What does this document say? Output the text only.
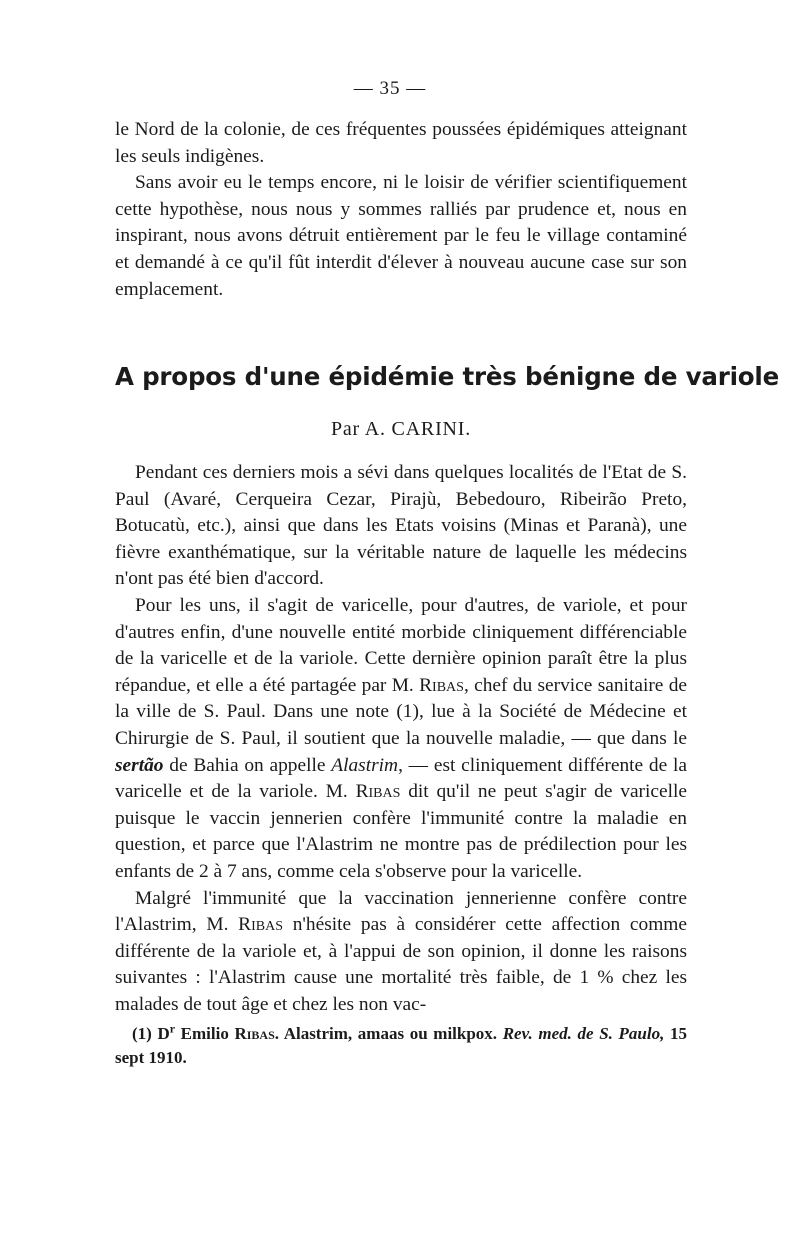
— 35 —

le Nord de la colonie, de ces fréquentes poussées épidémiques atteignant les seuls indigènes.

Sans avoir eu le temps encore, ni le loisir de vérifier scientifiquement cette hypothèse, nous nous y sommes ralliés par prudence et, nous en inspirant, nous avons détruit entièrement par le feu le village contaminé et demandé à ce qu'il fût interdit d'élever à nouveau aucune case sur son emplacement.

A propos d'une épidémie très bénigne de variole
Par A. CARINI.

Pendant ces derniers mois a sévi dans quelques localités de l'Etat de S. Paul (Avaré, Cerqueira Cezar, Pirajù, Bebedouro, Ribeirão Preto, Botucatù, etc.), ainsi que dans les Etats voisins (Minas et Paranà), une fièvre exanthématique, sur la véritable nature de laquelle les médecins n'ont pas été bien d'accord.

Pour les uns, il s'agit de varicelle, pour d'autres, de variole, et pour d'autres enfin, d'une nouvelle entité morbide cliniquement différenciable de la varicelle et de la variole. Cette dernière opinion paraît être la plus répandue, et elle a été partagée par M. Ribas, chef du service sanitaire de la ville de S. Paul. Dans une note (1), lue à la Société de Médecine et Chirurgie de S. Paul, il soutient que la nouvelle maladie, — que dans le sertão de Bahia on appelle Alastrim, — est cliniquement différente de la varicelle et de la variole. M. Ribas dit qu'il ne peut s'agir de varicelle puisque le vaccin jennerien confère l'immunité contre la maladie en question, et parce que l'Alastrim ne montre pas de prédilection pour les enfants de 2 à 7 ans, comme cela s'observe pour la varicelle.

Malgré l'immunité que la vaccination jennerienne confère contre l'Alastrim, M. Ribas n'hésite pas à considérer cette affection comme différente de la variole et, à l'appui de son opinion, il donne les raisons suivantes : l'Alastrim cause une mortalité très faible, de 1 % chez les malades de tout âge et chez les non vac-

(1) $D^r$ Emilio Ribas. Alastrim, amaas ou milkpox. Rev. med. de S. Paulo, 15 sept 1910.
